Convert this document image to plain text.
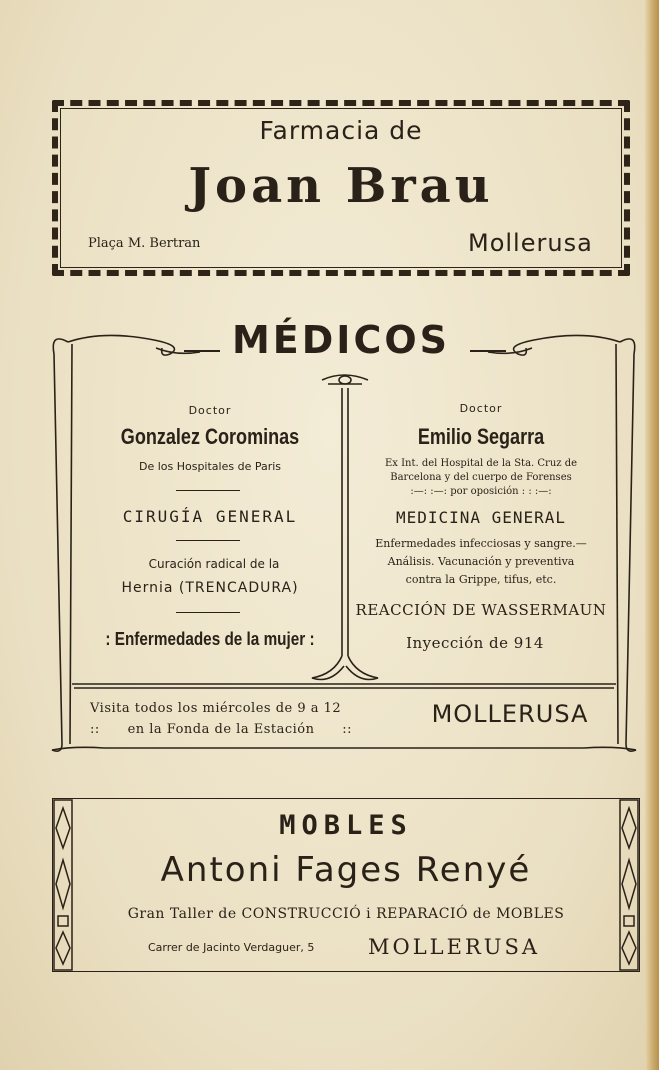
Farmacia de
Joan Brau
Plaça M. Bertran	Mollerusa
MÉDICOS
Doctor
Gonzalez Corominas
De los Hospitales de Paris
CIRUGÍA GENERAL
Curación radical de la
Hernia (TRENCADURA)
: Enfermedades de la mujer :
Doctor
Emilio Segarra
Ex Int. del Hospital de la Sta. Cruz de
Barcelona y del cuerpo de Forenses
:—: :—: por oposición : : :—:
MEDICINA GENERAL
Enfermedades infecciosas y sangre.—
Análisis. Vacunación y preventiva
contra la Grippe, tifus, etc.
REACCIÓN DE WASSERMAUN
Inyección de 914
Visita todos los miércoles de 9 a 12
:: en la Fonda de la Estación ::
MOLLERUSA
MOBLES
Antoni Fages Renyé
Gran Taller de CONSTRUCCIÓ i REPARACIÓ de MOBLES
Carrer de Jacinto Verdaguer, 5	MOLLERUSA
